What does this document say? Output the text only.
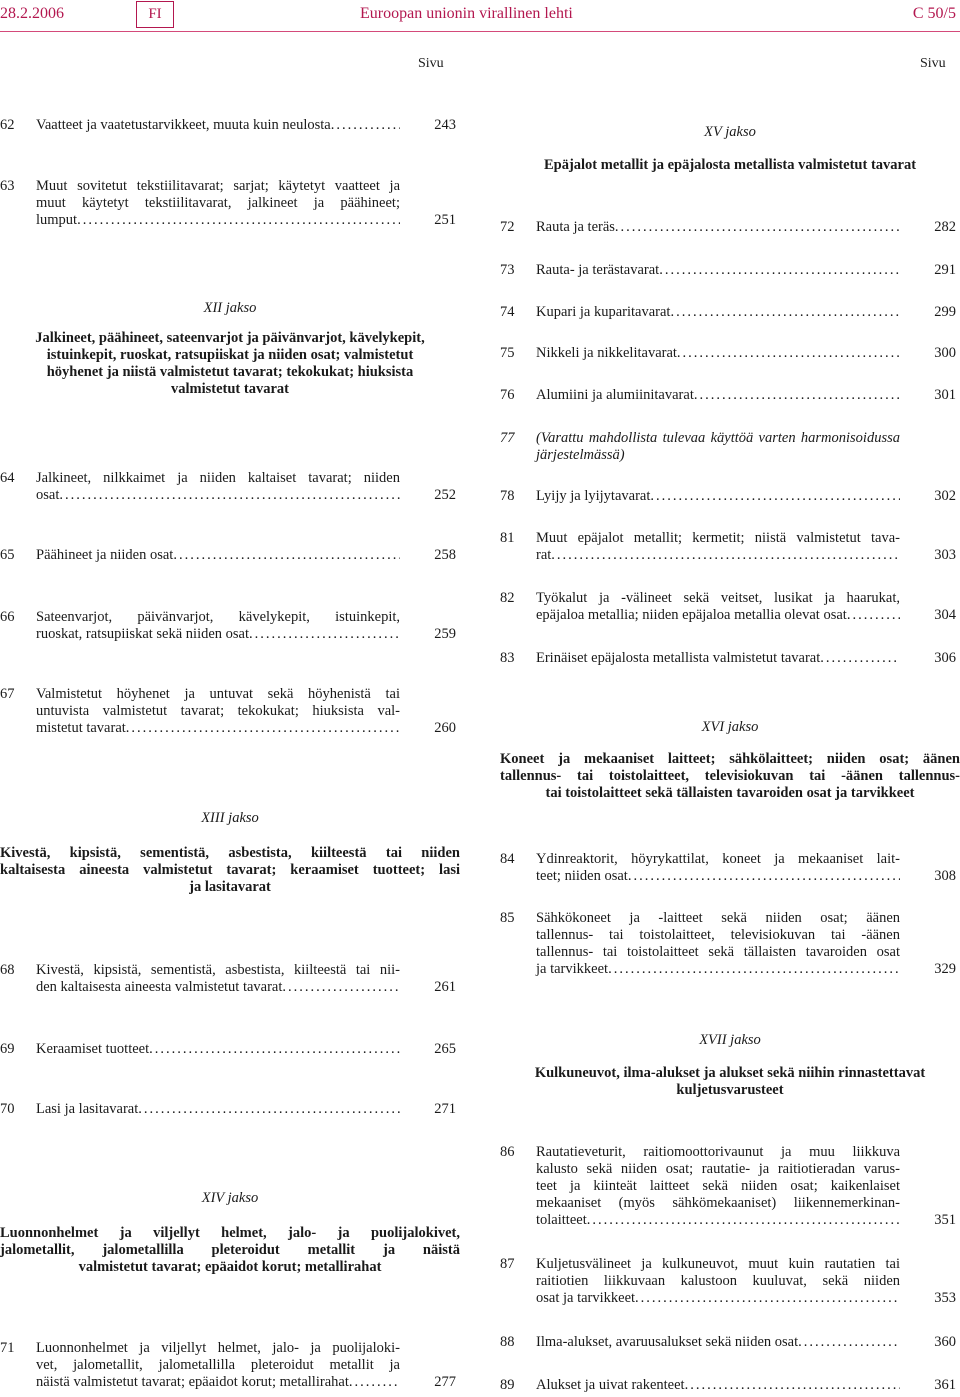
28.2.2006	FI	Euroopan unionin virallinen lehti	C 50/5
Sivu	Sivu
62	Vaatteet ja vaatetustarvikkeet, muuta kuin neulosta .....	243
63	Muut sovitetut tekstiilitavarat; sarjat; käytetyt vaatteet ja
muut käytetyt tekstiilitavarat, jalkineet ja päähineet;
lumput .....	251
XII jakso
Jalkineet, päähineet, sateenvarjot ja päivänvarjot, kävelykepit,
istuinkepit, ruoskat, ratsupiiskat ja niiden osat; valmistetut
höyhenet ja niistä valmistetut tavarat; tekokukat; hiuksista
valmistetut tavarat
64	Jalkineet, nilkkaimet ja niiden kaltaiset tavarat; niiden
osat .....	252
65	Päähineet ja niiden osat .....	258
66	Sateenvarjot, päivänvarjot, kävelykepit, istuinkepit,
ruoskat, ratsupiiskat sekä niiden osat .....	259
67	Valmistetut höyhenet ja untuvat sekä höyhenistä tai
untuvista valmistetut tavarat; tekokukat; hiuksista val-
mistetut tavarat .....	260
XIII jakso
Kivestä, kipsistä, sementistä, asbestista, kiilteestä tai niiden
kaltaisesta aineesta valmistetut tavarat; keraamiset tuotteet; lasi
ja lasitavarat
68	Kivestä, kipsistä, sementistä, asbestista, kiilteestä tai nii-
den kaltaisesta aineesta valmistetut tavarat .....	261
69	Keraamiset tuotteet .....	265
70	Lasi ja lasitavarat .....	271
XIV jakso
Luonnonhelmet ja viljellyt helmet, jalo- ja puolijalokivet,
jalometallit, jalometallilla pleteroidut metallit ja näistä
valmistetut tavarat; epäaidot korut; metallirahat
71	Luonnonhelmet ja viljellyt helmet, jalo- ja puolijaloki-
vet, jalometallit, jalometallilla pleteroidut metallit ja
näistä valmistetut tavarat; epäaidot korut; metallirahat .....	277
XV jakso
Epäjalot metallit ja epäjalosta metallista valmistetut tavarat
72	Rauta ja teräs .....	282
73	Rauta- ja terästavarat .....	291
74	Kupari ja kuparitavarat .....	299
75	Nikkeli ja nikkelitavarat .....	300
76	Alumiini ja alumiinitavarat .....	301
77	(Varattu mahdollista tulevaa käyttöä varten harmonisoidussa
järjestelmässä)
78	Lyijy ja lyijytavarat .....	302
81	Muut epäjalot metallit; kermetit; niistä valmistetut tava-
rat .....	303
82	Työkalut ja -välineet sekä veitset, lusikat ja haarukat,
epäjaloa metallia; niiden epäjaloa metallia olevat osat .....	304
83	Erinäiset epäjalosta metallista valmistetut tavarat .....	306
XVI jakso
Koneet ja mekaaniset laitteet; sähkölaitteet; niiden osat; äänen
tallennus- tai toistolaitteet, televisiokuvan tai -äänen tallennus-
tai toistolaitteet sekä tällaisten tavaroiden osat ja tarvikkeet
84	Ydinreaktorit, höyrykattilat, koneet ja mekaaniset lait-
teet; niiden osat .....	308
85	Sähkökoneet ja -laitteet sekä niiden osat; äänen
tallennus- tai toistolaitteet, televisiokuvan tai -äänen
tallennus- tai toistolaitteet sekä tällaisten tavaroiden osat
ja tarvikkeet .....	329
XVII jakso
Kulkuneuvot, ilma-alukset ja alukset sekä niihin rinnastettavat
kuljetusvarusteet
86	Rautatieveturit, raitiomoottorivaunut ja muu liikkuva
kalusto sekä niiden osat; rautatie- ja raitiotieradan varus-
teet ja kiinteät laitteet sekä niiden osat; kaikenlaiset
mekaaniset (myös sähkömekaaniset) liikennemerkinan-
tolaitteet .....	351
87	Kuljetusvälineet ja kulkuneuvot, muut kuin rautatien tai
raitiotien liikkuvaan kalustoon kuuluvat, sekä niiden
osat ja tarvikkeet .....	353
88	Ilma-alukset, avaruusalukset sekä niiden osat .....	360
89	Alukset ja uivat rakenteet .....	361
